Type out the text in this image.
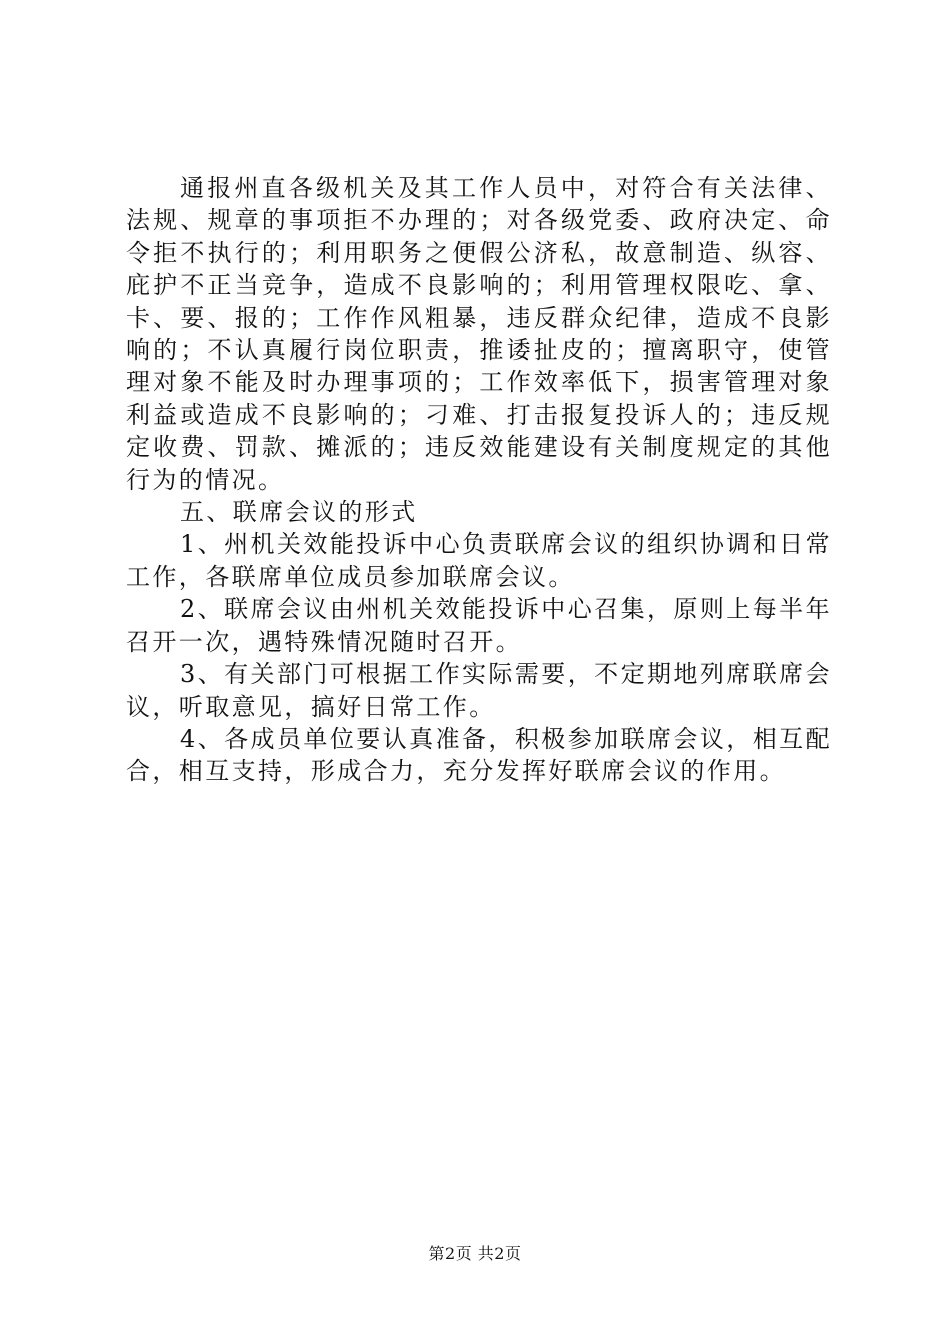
通报州直各级机关及其工作人员中，对符合有关法律、法规、规章的事项拒不办理的；对各级党委、政府决定、命令拒不执行的；利用职务之便假公济私，故意制造、纵容、庇护不正当竞争，造成不良影响的；利用管理权限吃、拿、卡、要、报的；工作作风粗暴，违反群众纪律，造成不良影响的；不认真履行岗位职责，推诿扯皮的；擅离职守，使管理对象不能及时办理事项的；工作效率低下，损害管理对象利益或造成不良影响的；刁难、打击报复投诉人的；违反规定收费、罚款、摊派的；违反效能建设有关制度规定的其他行为的情况。

五、联席会议的形式

1、州机关效能投诉中心负责联席会议的组织协调和日常工作，各联席单位成员参加联席会议。

2、联席会议由州机关效能投诉中心召集，原则上每半年召开一次，遇特殊情况随时召开。

3、有关部门可根据工作实际需要，不定期地列席联席会议，听取意见，搞好日常工作。

4、各成员单位要认真准备，积极参加联席会议，相互配合，相互支持，形成合力，充分发挥好联席会议的作用。

第2页 共2页
